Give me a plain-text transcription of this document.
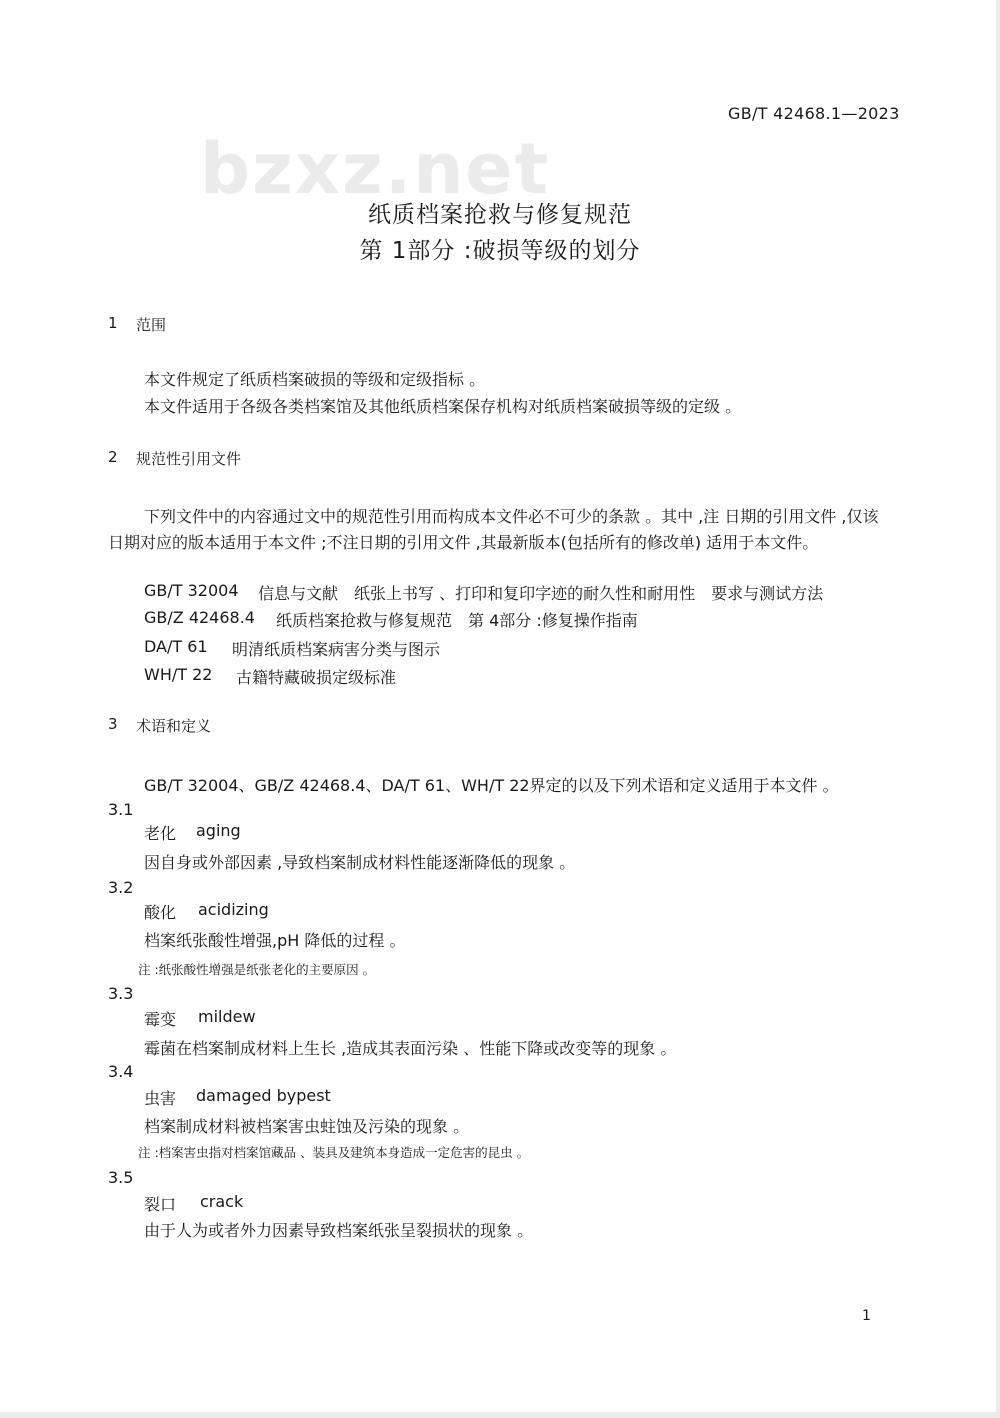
GB/T 42468.1—2023
bzxz.net
纸质档案抢救与修复规范
第 1部分 :破损等级的划分
1 范围
本文件规定了纸质档案破损的等级和定级指标 。
本文件适用于各级各类档案馆及其他纸质档案保存机构对纸质档案破损等级的定级 。
2 规范性引用文件
下列文件中的内容通过文中的规范性引用而构成本文件必不可少的条款 。其中 ,注 日期的引用文件 ,仅该日期对应的版本适用于本文件 ;不注日期的引用文件 ,其最新版本(包括所有的修改单) 适用于本文件。
GB/T 32004 信息与文献　纸张上书写 、打印和复印字迹的耐久性和耐用性　要求与测试方法
GB/Z 42468.4 纸质档案抢救与修复规范　第 4部分 :修复操作指南
DA/T 61 明清纸质档案病害分类与图示
WH/T 22 古籍特藏破损定级标准
3 术语和定义
GB/T 32004、GB/Z 42468.4、DA/T 61、WH/T 22界定的以及下列术语和定义适用于本文件 。
3.1
老化 aging
因自身或外部因素 ,导致档案制成材料性能逐渐降低的现象 。
3.2
酸化 acidizing
档案纸张酸性增强,pH 降低的过程 。
注 :纸张酸性增强是纸张老化的主要原因 。
3.3
霉变 mildew
霉菌在档案制成材料上生长 ,造成其表面污染 、性能下降或改变等的现象 。
3.4
虫害 damaged bypest
档案制成材料被档案害虫蛀蚀及污染的现象 。
注 :档案害虫指对档案馆藏品 、装具及建筑本身造成一定危害的昆虫 。
3.5
裂口 crack
由于人为或者外力因素导致档案纸张呈裂损状的现象 。
1
